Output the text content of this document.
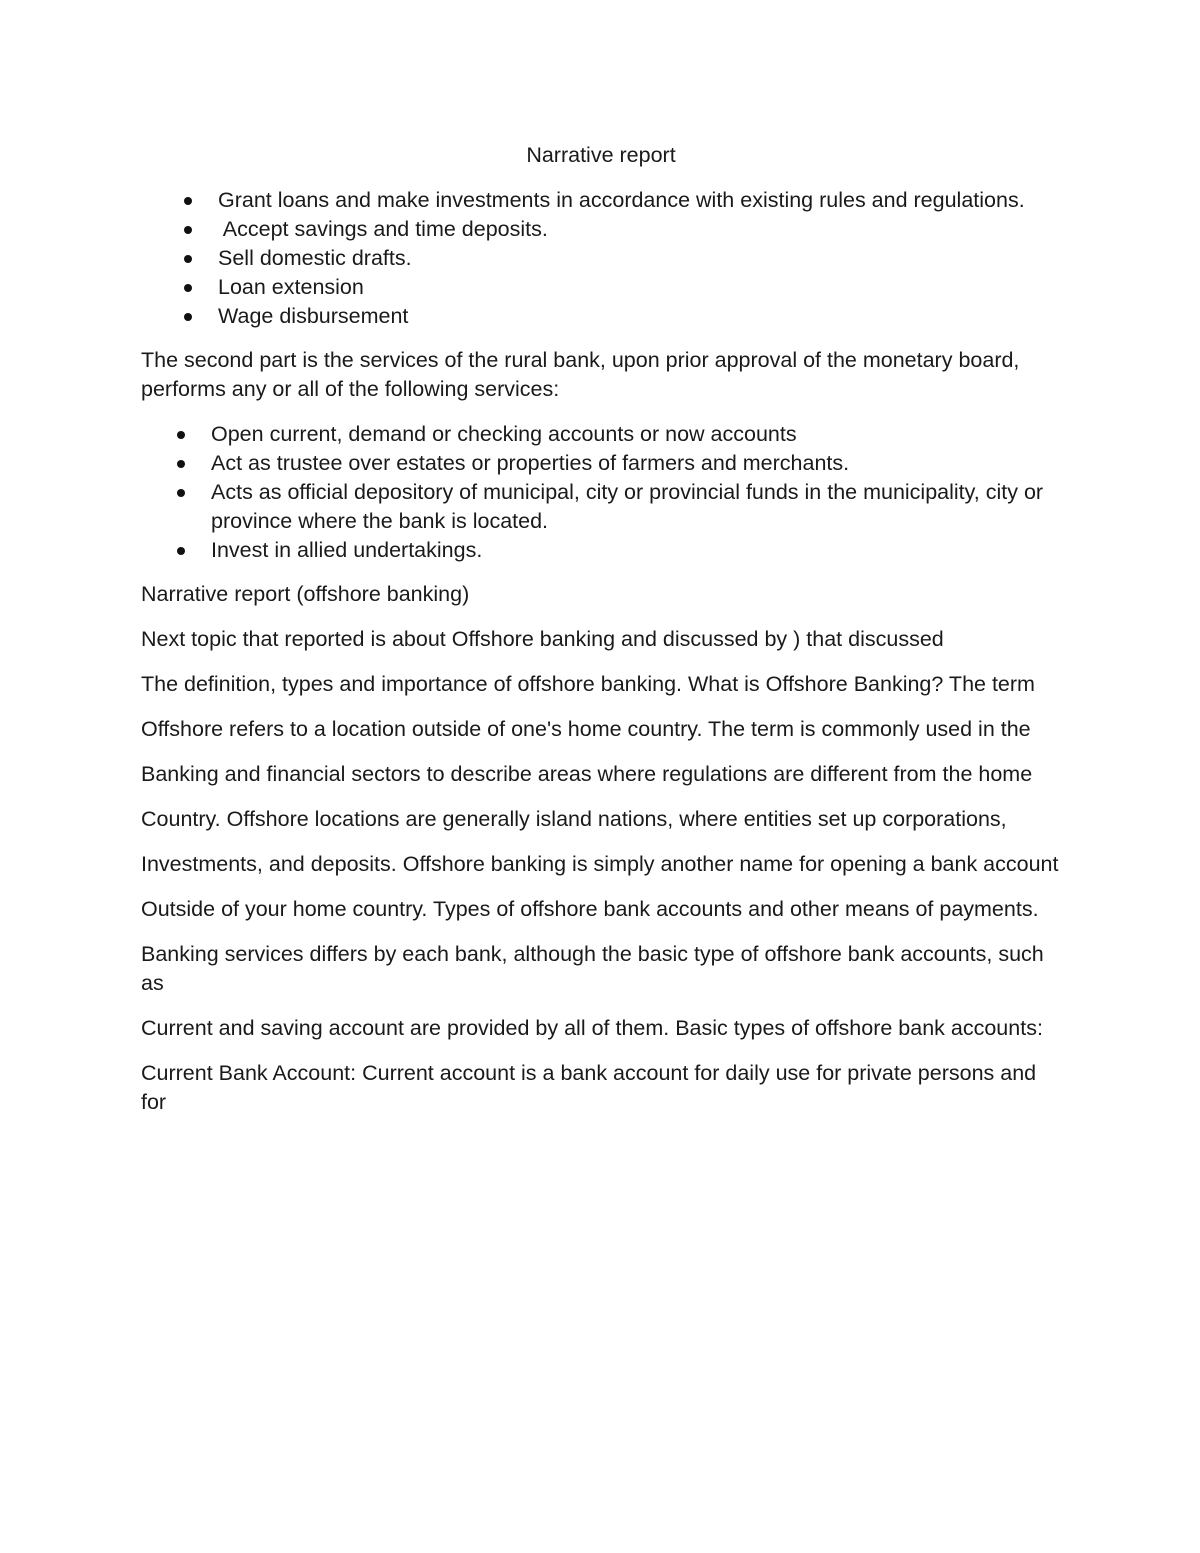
Narrative report
Grant loans and make investments in accordance with existing rules and regulations.
Accept savings and time deposits.
Sell domestic drafts.
Loan extension
Wage disbursement

The second part is the services of the rural bank, upon prior approval of the monetary board, performs any or all of the following services:

Open current, demand or checking accounts or now accounts
Act as trustee over estates or properties of farmers and merchants.
Acts as official depository of municipal, city or provincial funds in the municipality, city or province where the bank is located.
Invest in allied undertakings.

Narrative report (offshore banking)

Next topic that reported is about Offshore banking and discussed by ) that discussed

The definition, types and importance of offshore banking. What is Offshore Banking? The term

Offshore refers to a location outside of one's home country. The term is commonly used in the

Banking and financial sectors to describe areas where regulations are different from the home

Country. Offshore locations are generally island nations, where entities set up corporations,

Investments, and deposits. Offshore banking is simply another name for opening a bank account

Outside of your home country. Types of offshore bank accounts and other means of payments.

Banking services differs by each bank, although the basic type of offshore bank accounts, such as

Current and saving account are provided by all of them. Basic types of offshore bank accounts:

Current Bank Account: Current account is a bank account for daily use for private persons and for
